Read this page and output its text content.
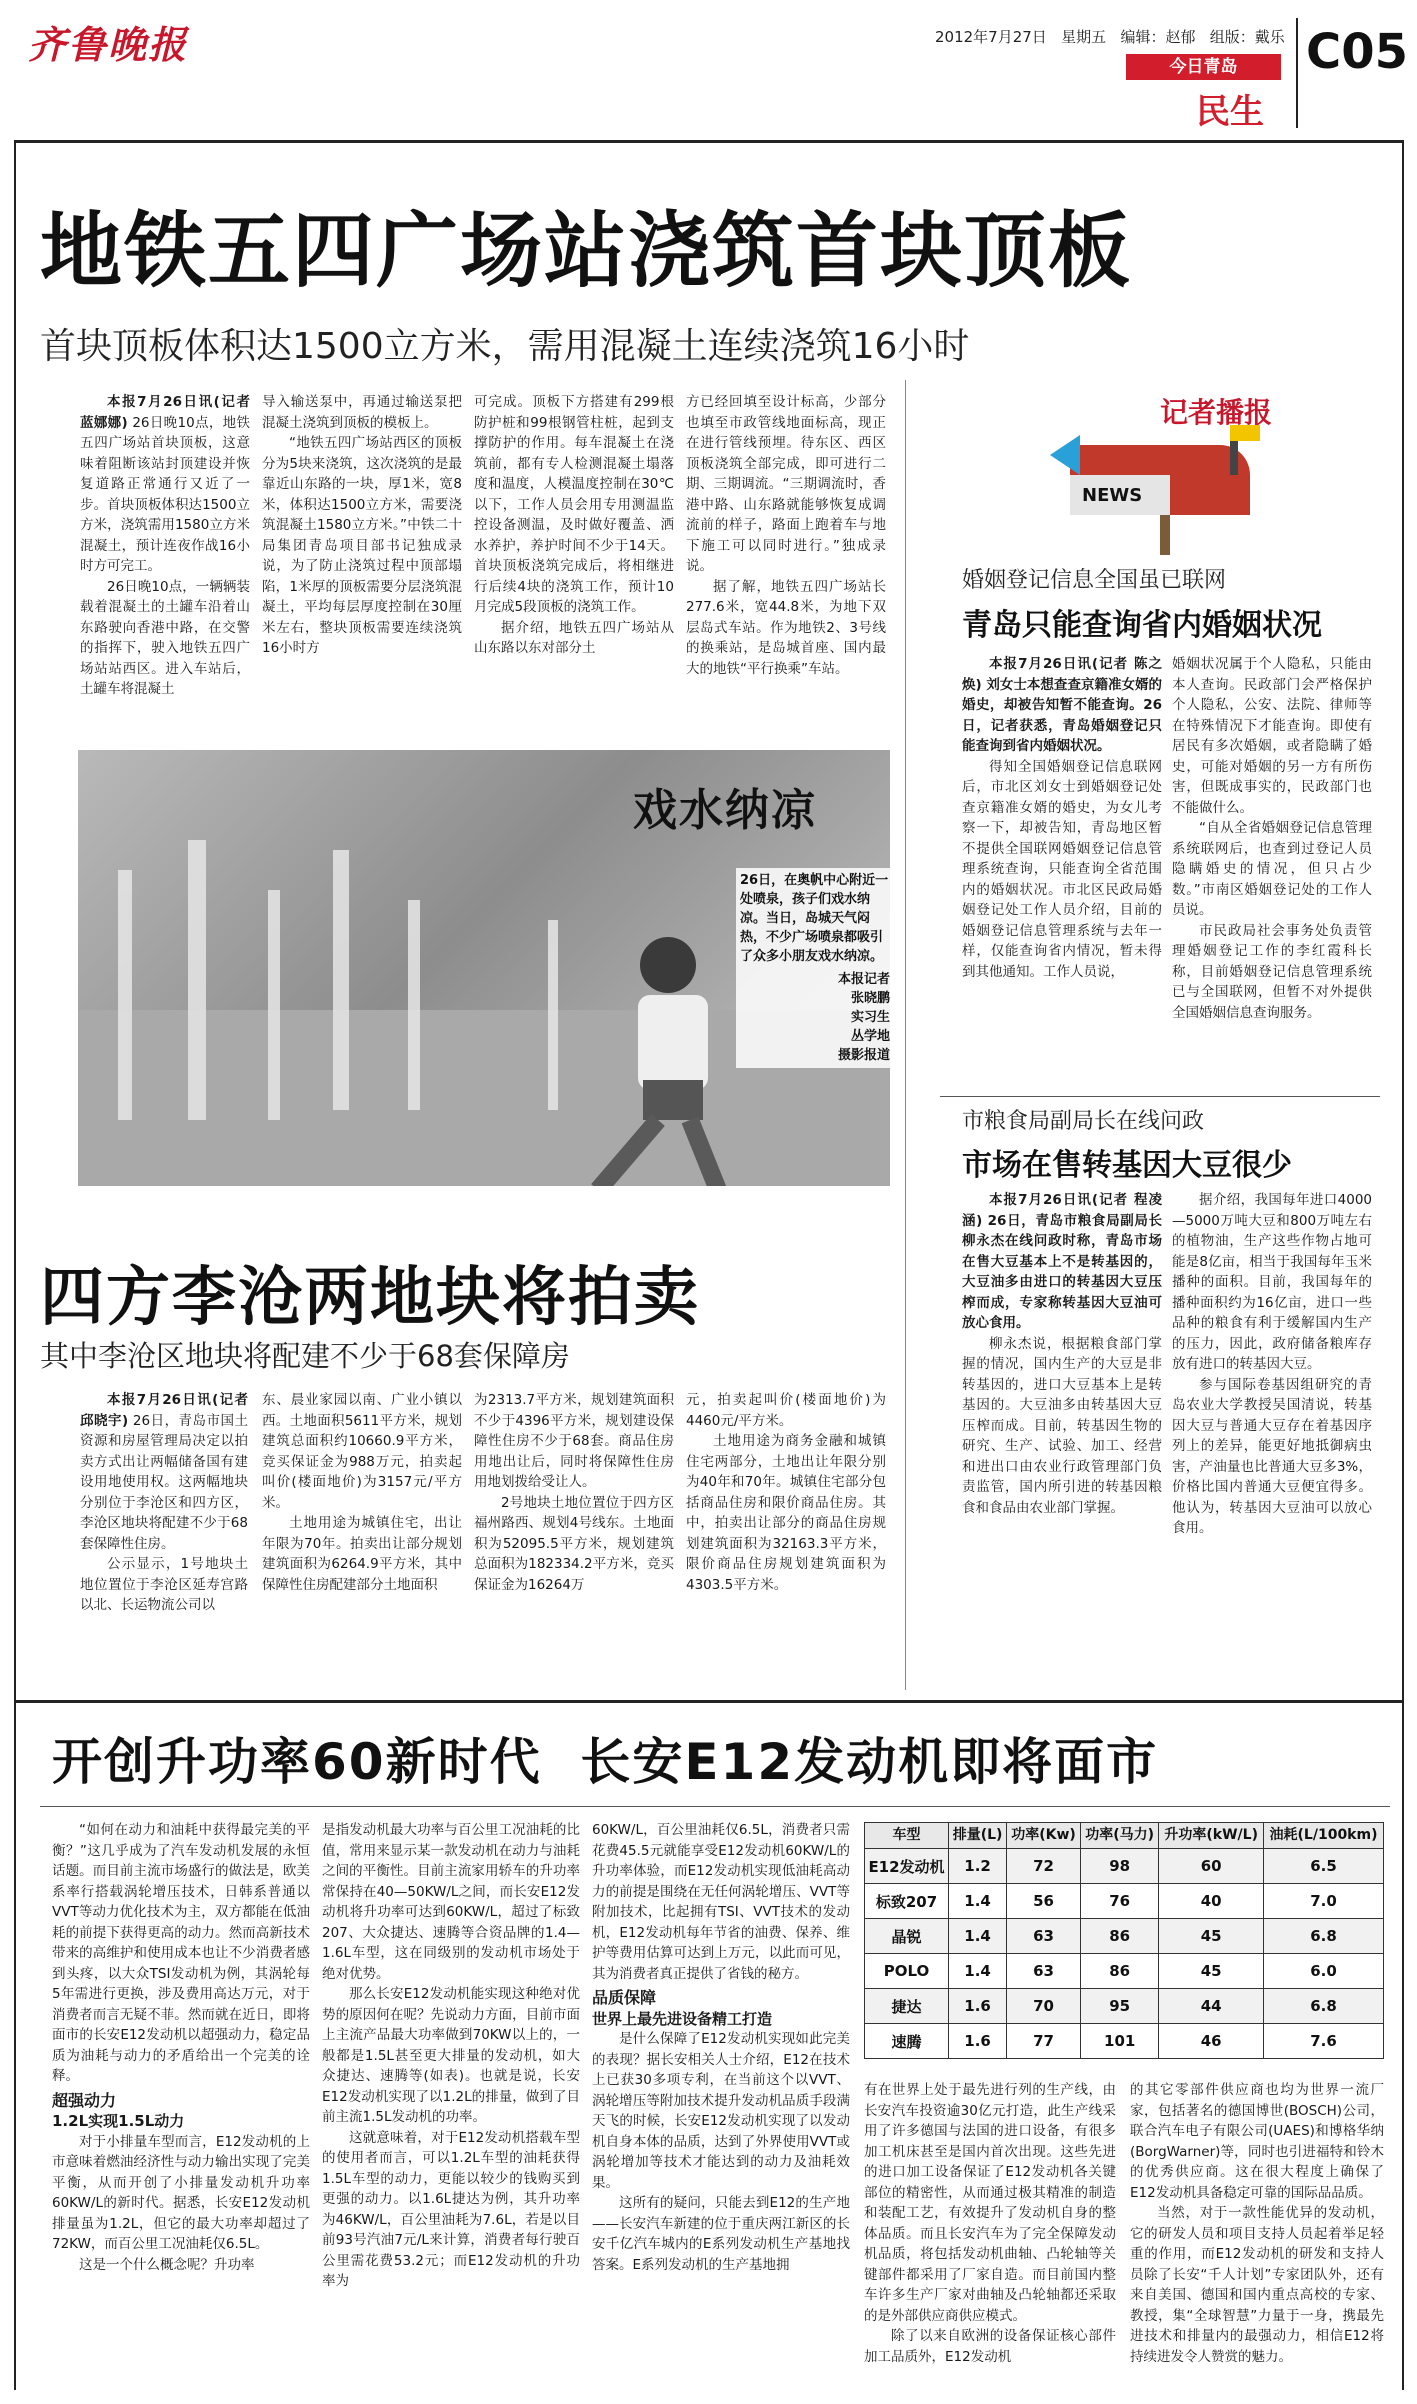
齐鲁晚报	2012年7月27日 星期五 编辑：赵郁 组版：戴乐
今日青岛
民生
C05
地铁五四广场站浇筑首块顶板
首块顶板体积达1500立方米，需用混凝土连续浇筑16小时

本报7月26日讯(记者 蓝娜娜) 26日晚10点，地铁五四广场站首块顶板，这意味着阻断该站封顶建设并恢复道路正常通行又近了一步。首块顶板体积达1500立方米，浇筑需用1580立方米混凝土，预计连夜作战16小时方可完工。

26日晚10点，一辆辆装载着混凝土的土罐车沿着山东路驶向香港中路，在交警的指挥下，驶入地铁五四广场站站西区。进入车站后，土罐车将混凝土

导入输送泵中，再通过输送泵把混凝土浇筑到顶板的模板上。

“地铁五四广场站西区的顶板分为5块来浇筑，这次浇筑的是最靠近山东路的一块，厚1米，宽8米，体积达1500立方米，需要浇筑混凝土1580立方米。”中铁二十局集团青岛项目部书记独成录说，为了防止浇筑过程中顶部塌陷，1米厚的顶板需要分层浇筑混凝土，平均每层厚度控制在30厘米左右，整块顶板需要连续浇筑16小时方

可完成。顶板下方搭建有299根防护桩和99根钢管柱桩，起到支撑防护的作用。每车混凝土在浇筑前，都有专人检测混凝土塌落度和温度，人模温度控制在30℃以下，工作人员会用专用测温监控设备测温，及时做好覆盖、洒水养护，养护时间不少于14天。首块顶板浇筑完成后，将相继进行后续4块的浇筑工作，预计10月完成5段顶板的浇筑工作。

据介绍，地铁五四广场站从山东路以东对部分土

方已经回填至设计标高，少部分也填至市政管线地面标高，现正在进行管线预埋。待东区、西区顶板浇筑全部完成，即可进行二期、三期调流。“三期调流时，香港中路、山东路就能够恢复成调流前的样子，路面上跑着车与地下施工可以同时进行。”独成录说。

据了解，地铁五四广场站长277.6米，宽44.8米，为地下双层岛式车站。作为地铁2、3号线的换乘站，是岛城首座、国内最大的地铁“平行换乘”车站。

戏水纳凉
26日，在奥帆中心附近一处喷泉，孩子们戏水纳凉。当日，岛城天气闷热，不少广场喷泉都吸引了众多小朋友戏水纳凉。
本报记者
张晓鹏
实习生
丛学地
摄影报道
四方李沧两地块将拍卖
其中李沧区地块将配建不少于68套保障房

本报7月26日讯(记者 邱晓宇) 26日，青岛市国土资源和房屋管理局决定以拍卖方式出让两幅储备国有建设用地使用权。这两幅地块分别位于李沧区和四方区，李沧区地块将配建不少于68套保障性住房。

公示显示，1号地块土地位置位于李沧区延寿宫路以北、长运物流公司以

东、晨业家园以南、广业小镇以西。土地面积5611平方米，规划建筑总面积约10660.9平方米，竞买保证金为988万元，拍卖起叫价(楼面地价)为3157元/平方米。

土地用途为城镇住宅，出让年限为70年。拍卖出让部分规划建筑面积为6264.9平方米，其中保障性住房配建部分土地面积

为2313.7平方米，规划建筑面积不少于4396平方米，规划建设保障性住房不少于68套。商品住房用地出让后，同时将保障性住房用地划拨给受让人。

2号地块土地位置位于四方区福州路西、规划4号线东。土地面积为52095.5平方米，规划建筑总面积为182334.2平方米，竞买保证金为16264万

元，拍卖起叫价(楼面地价)为4460元/平方米。

土地用途为商务金融和城镇住宅两部分，土地出让年限分别为40年和70年。城镇住宅部分包括商品住房和限价商品住房。其中，拍卖出让部分的商品住房规划建筑面积为32163.3平方米，限价商品住房规划建筑面积为4303.5平方米。

记者播报
NEWS
婚姻登记信息全国虽已联网
青岛只能查询省内婚姻状况

本报7月26日讯(记者 陈之焕) 刘女士本想查查京籍准女婿的婚史，却被告知暂不能查询。26日，记者获悉，青岛婚姻登记只能查询到省内婚姻状况。

得知全国婚姻登记信息联网后，市北区刘女士到婚姻登记处查京籍准女婿的婚史，为女儿考察一下，却被告知，青岛地区暂不提供全国联网婚姻登记信息管理系统查询，只能查询全省范围内的婚姻状况。市北区民政局婚姻登记处工作人员介绍，目前的婚姻登记信息管理系统与去年一样，仅能查询省内情况，暂未得到其他通知。工作人员说，

婚姻状况属于个人隐私，只能由本人查询。民政部门会严格保护个人隐私，公安、法院、律师等在特殊情况下才能查询。即使有居民有多次婚姻，或者隐瞒了婚史，可能对婚姻的另一方有所伤害，但既成事实的，民政部门也不能做什么。

“自从全省婚姻登记信息管理系统联网后，也查到过登记人员隐瞒婚史的情况，但只占少数。”市南区婚姻登记处的工作人员说。

市民政局社会事务处负责管理婚姻登记工作的李红霞科长称，目前婚姻登记信息管理系统已与全国联网，但暂不对外提供全国婚姻信息查询服务。

市粮食局副局长在线问政
市场在售转基因大豆很少

本报7月26日讯(记者 程凌涵) 26日，青岛市粮食局副局长柳永杰在线问政时称，青岛市场在售大豆基本上不是转基因的，大豆油多由进口的转基因大豆压榨而成，专家称转基因大豆油可放心食用。

柳永杰说，根据粮食部门掌握的情况，国内生产的大豆是非转基因的，进口大豆基本上是转基因的。大豆油多由转基因大豆压榨而成。目前，转基因生物的研究、生产、试验、加工、经营和进出口由农业行政管理部门负责监管，国内所引进的转基因粮食和食品由农业部门掌握。

据介绍，我国每年进口4000—5000万吨大豆和800万吨左右的植物油，生产这些作物占地可能是8亿亩，相当于我国每年玉米播种的面积。目前，我国每年的播种面积约为16亿亩，进口一些品种的粮食有利于缓解国内生产的压力，因此，政府储备粮库存放有进口的转基因大豆。

参与国际卷基因组研究的青岛农业大学教授吴国清说，转基因大豆与普通大豆存在着基因序列上的差异，能更好地抵御病虫害，产油量也比普通大豆多3%，价格比国内普通大豆便宜得多。他认为，转基因大豆油可以放心食用。

开创升功率60新时代  长安E12发动机即将面市

“如何在动力和油耗中获得最完美的平衡？”这几乎成为了汽车发动机发展的永恒话题。而目前主流市场盛行的做法是，欧美系率行搭载涡轮增压技术，日韩系普通以VVT等动力优化技术为主，双方都能在低油耗的前提下获得更高的动力。然而高新技术带来的高维护和使用成本也让不少消费者感到头疼，以大众TSI发动机为例，其涡轮每5年需进行更换，涉及费用高达万元，对于消费者而言无疑不菲。然而就在近日，即将面市的长安E12发动机以超强动力，稳定品质为油耗与动力的矛盾给出一个完美的诠释。

超强动力
1.2L实现1.5L动力

对于小排量车型而言，E12发动机的上市意味着燃油经济性与动力输出实现了完美平衡，从而开创了小排量发动机升功率60KW/L的新时代。据悉，长安E12发动机排量虽为1.2L，但它的最大功率却超过了72KW，而百公里工况油耗仅6.5L。

这是一个什么概念呢？升功率

是指发动机最大功率与百公里工况油耗的比值，常用来显示某一款发动机在动力与油耗之间的平衡性。目前主流家用轿车的升功率常保持在40—50KW/L之间，而长安E12发动机将升功率可达到60KW/L，超过了标致207、大众捷达、速腾等合资品牌的1.4—1.6L车型，这在同级别的发动机市场处于绝对优势。

那么长安E12发动机能实现这种绝对优势的原因何在呢？先说动力方面，目前市面上主流产品最大功率做到70KW以上的，一般都是1.5L甚至更大排量的发动机，如大众捷达、速腾等(如表)。也就是说，长安E12发动机实现了以1.2L的排量，做到了目前主流1.5L发动机的功率。

这就意味着，对于E12发动机搭载车型的使用者而言，可以1.2L车型的油耗获得1.5L车型的动力，更能以较少的钱购买到更强的动力。以1.6L捷达为例，其升功率为46KW/L，百公里油耗为7.6L，若是以目前93号汽油7元/L来计算，消费者每行驶百公里需花费53.2元；而E12发动机的升功率为

60KW/L，百公里油耗仅6.5L，消费者只需花费45.5元就能享受E12发动机60KW/L的升功率体验，而E12发动机实现低油耗高动力的前提是围绕在无任何涡轮增压、VVT等附加技术，比起拥有TSI、VVT技术的发动机，E12发动机每年节省的油费、保养、维护等费用估算可达到上万元，以此而可见，其为消费者真正提供了省钱的秘方。

品质保障
世界上最先进设备精工打造

是什么保障了E12发动机实现如此完美的表现？据长安相关人士介绍，E12在技术上已获30多项专利，在当前这个以VVT、涡轮增压等附加技术提升发动机品质手段满天飞的时候，长安E12发动机实现了以发动机自身本体的品质，达到了外界使用VVT或涡轮增加等技术才能达到的动力及油耗效果。

这所有的疑问，只能去到E12的生产地——长安汽车新建的位于重庆两江新区的长安千亿汽车城内的E系列发动机生产基地找答案。E系列发动机的生产基地拥

车型	排量(L)	功率(Kw)	功率(马力)	升功率(kW/L)	油耗(L/100km)
E12发动机	1.2	72	98	60	6.5
标致207	1.4	56	76	40	7.0
晶锐	1.4	63	86	45	6.8
POLO	1.4	63	86	45	6.0
捷达	1.6	70	95	44	6.8
速腾	1.6	77	101	46	7.6

有在世界上处于最先进行列的生产线，由长安汽车投资逾30亿元打造，此生产线采用了许多德国与法国的进口设备，有很多加工机床甚至是国内首次出现。这些先进的进口加工设备保证了E12发动机各关键部位的精密性，从而通过极其精准的制造和装配工艺，有效提升了发动机自身的整体品质。而且长安汽车为了完全保障发动机品质，将包括发动机曲轴、凸轮轴等关键部件都采用了厂家自造。而目前国内整车许多生产厂家对曲轴及凸轮轴都还采取的是外部供应商供应模式。

除了以来自欧洲的设备保证核心部件加工品质外，E12发动机

的其它零部件供应商也均为世界一流厂家，包括著名的德国博世(BOSCH)公司，联合汽车电子有限公司(UAES)和博格华纳(BorgWarner)等，同时也引进福特和铃木的优秀供应商。这在很大程度上确保了E12发动机具备稳定可靠的国际品品质。

当然，对于一款性能优异的发动机，它的研发人员和项目支持人员起着举足轻重的作用，而E12发动机的研发和支持人员除了长安“千人计划”专家团队外，还有来自美国、德国和国内重点高校的专家、教授，集“全球智慧”力量于一身，携最先进技术和排量内的最强动力，相信E12将持续进发令人赞赏的魅力。
